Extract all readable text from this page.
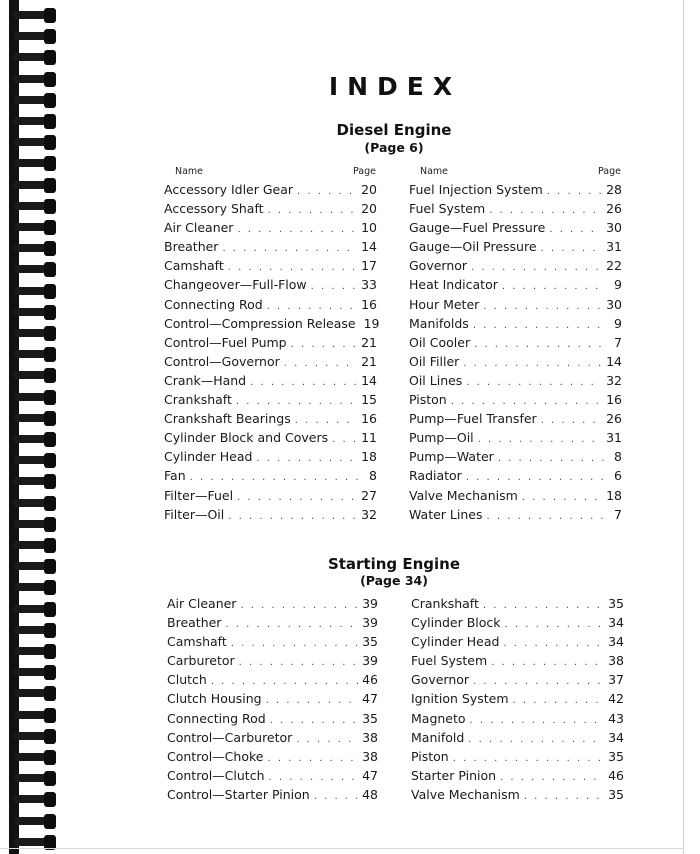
INDEX
Diesel Engine
(Page 6)
Name	Page	Name	Page
Accessory Idler Gear . . .	20
Accessory Shaft . . .	20
Air Cleaner . . .	10
Breather . . .	14
Camshaft . . .	17
Changeover—Full-Flow . . .	33
Connecting Rod . . .	16
Control—Compression Release 19
Control—Fuel Pump . . .	21
Control—Governor . . .	21
Crank—Hand . . .	14
Crankshaft . . .	15
Crankshaft Bearings . . .	16
Cylinder Block and Covers . . .	11
Cylinder Head . . .	18
Fan . . .	8
Filter—Fuel . . .	27
Filter—Oil . . .	32
Fuel Injection System . . .	28
Fuel System . . .	26
Gauge—Fuel Pressure . . .	30
Gauge—Oil Pressure . . .	31
Governor . . .	22
Heat Indicator . . .	9
Hour Meter . . .	30
Manifolds . . .	9
Oil Cooler . . .	7
Oil Filler . . .	14
Oil Lines . . .	32
Piston . . .	16
Pump—Fuel Transfer . . .	26
Pump—Oil . . .	31
Pump—Water . . .	8
Radiator . . .	6
Valve Mechanism . . .	18
Water Lines . . .	7
Starting Engine
(Page 34)
Air Cleaner . . .	39
Breather . . .	39
Camshaft . . .	35
Carburetor . . .	39
Clutch . . .	46
Clutch Housing . . .	47
Connecting Rod . . .	35
Control—Carburetor . . .	38
Control—Choke . . .	38
Control—Clutch . . .	47
Control—Starter Pinion . . .	48
Crankshaft . . .	35
Cylinder Block . . .	34
Cylinder Head . . .	34
Fuel System . . .	38
Governor . . .	37
Ignition System . . .	42
Magneto . . .	43
Manifold . . .	34
Piston . . .	35
Starter Pinion . . .	46
Valve Mechanism . . .	35
